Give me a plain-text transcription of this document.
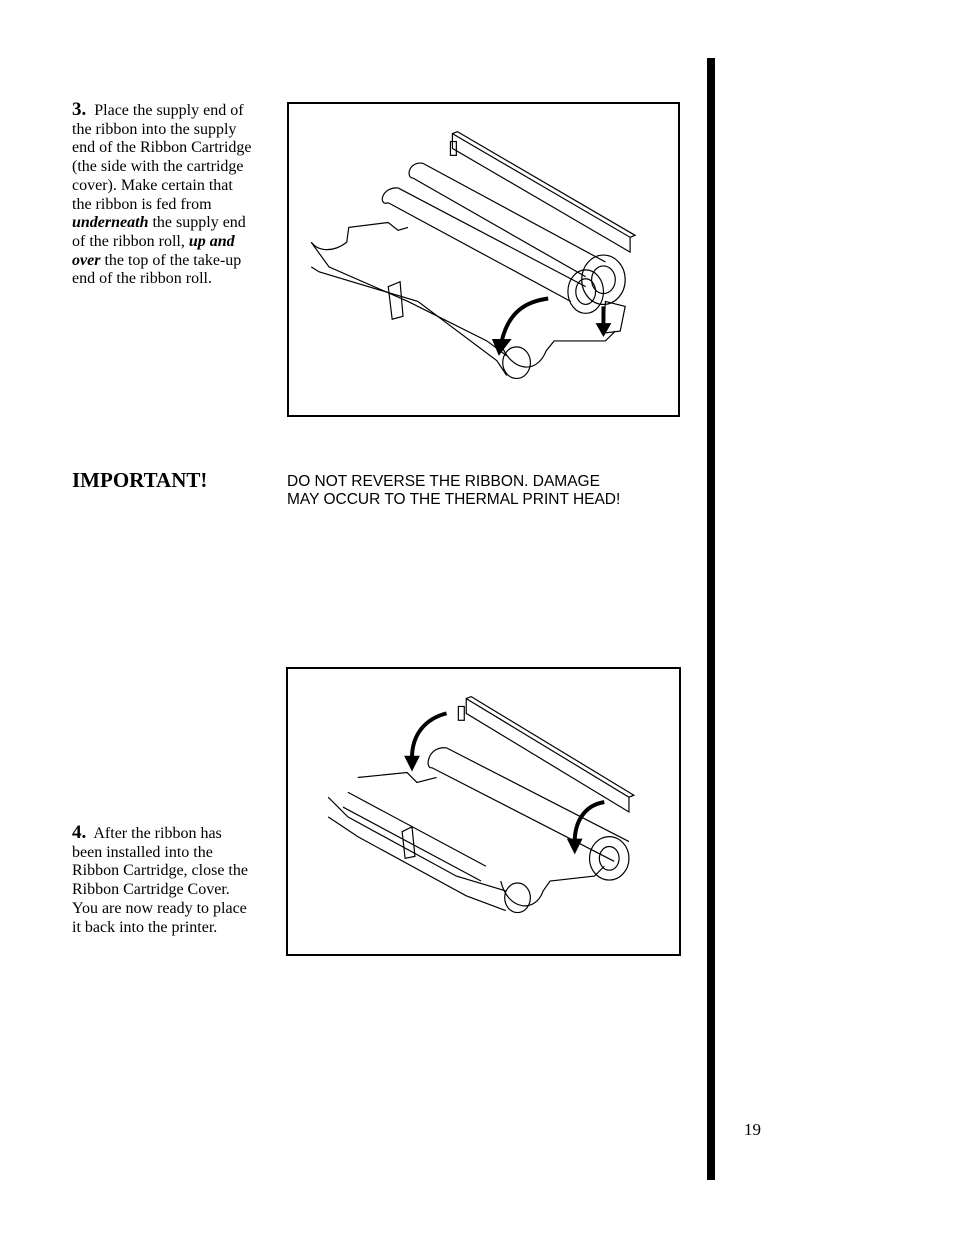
3. Place the supply end of the ribbon into the supply end of the Ribbon Cartridge (the side with the cartridge cover). Make certain that the ribbon is fed from underneath the supply end of the ribbon roll, up and over the top of the take-up end of the ribbon roll.
IMPORTANT!	DO NOT REVERSE THE RIBBON. DAMAGE
MAY OCCUR TO THE THERMAL PRINT HEAD!
4. After the ribbon has been installed into the Ribbon Cartridge, close the Ribbon Cartridge Cover. You are now ready to place it back into the printer.
19
